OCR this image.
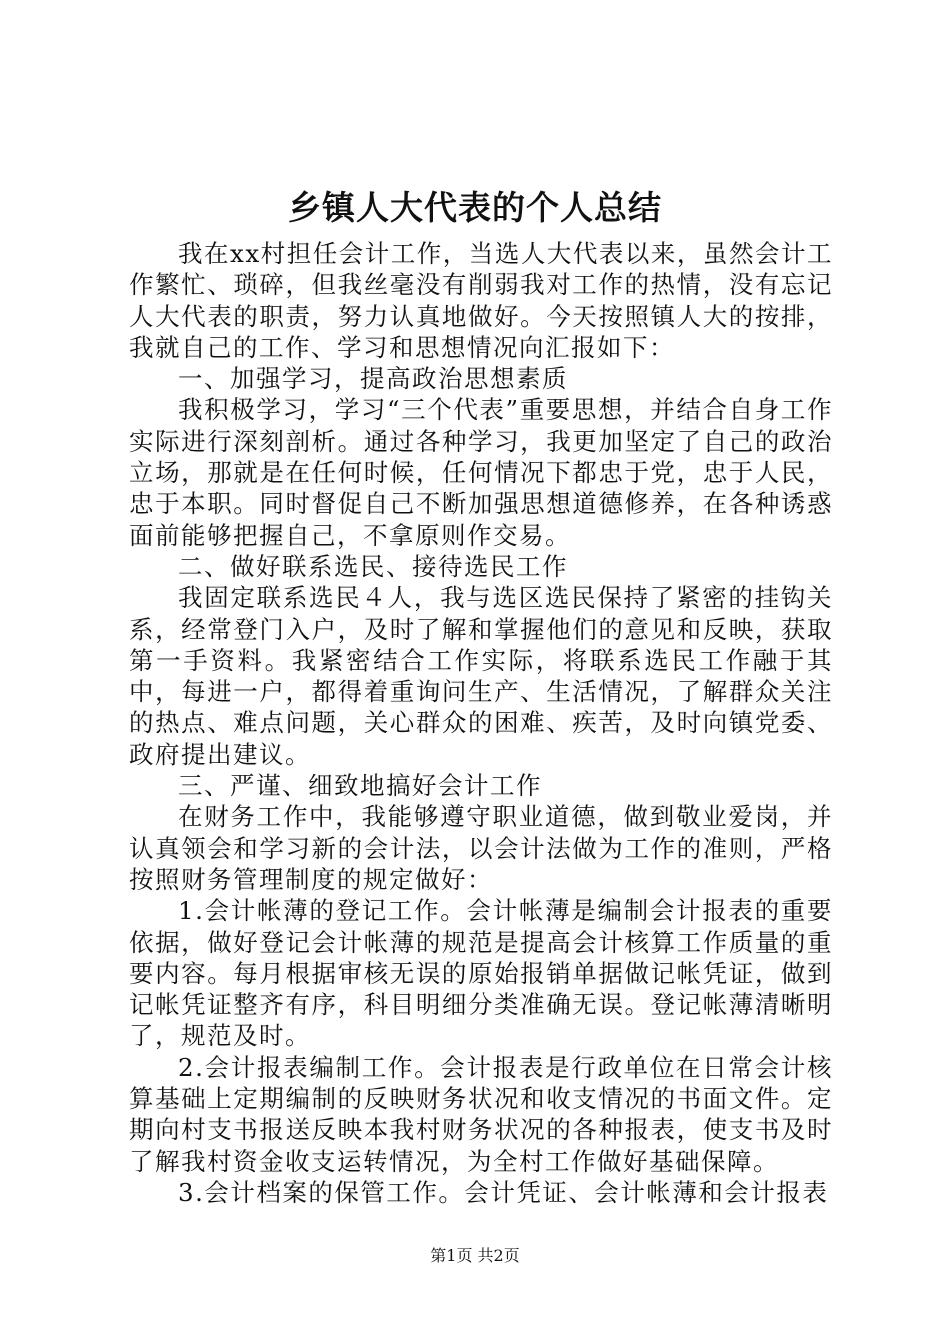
乡镇人大代表的个人总结

我在xx村担任会计工作，当选人大代表以来，虽然会计工作繁忙、琐碎，但我丝毫没有削弱我对工作的热情，没有忘记人大代表的职责，努力认真地做好。今天按照镇人大的按排，我就自己的工作、学习和思想情况向汇报如下：

一、加强学习，提高政治思想素质

我积极学习，学习“三个代表”重要思想，并结合自身工作实际进行深刻剖析。通过各种学习，我更加坚定了自己的政治立场，那就是在任何时候，任何情况下都忠于党，忠于人民，忠于本职。同时督促自己不断加强思想道德修养，在各种诱惑面前能够把握自己，不拿原则作交易。

二、做好联系选民、接待选民工作

我固定联系选民４人，我与选区选民保持了紧密的挂钩关系，经常登门入户，及时了解和掌握他们的意见和反映，获取第一手资料。我紧密结合工作实际，将联系选民工作融于其中，每进一户，都得着重询问生产、生活情况，了解群众关注的热点、难点问题，关心群众的困难、疾苦，及时向镇党委、政府提出建议。

三、严谨、细致地搞好会计工作

在财务工作中，我能够遵守职业道德，做到敬业爱岗，并认真领会和学习新的会计法，以会计法做为工作的准则，严格按照财务管理制度的规定做好：

1.会计帐薄的登记工作。会计帐薄是编制会计报表的重要依据，做好登记会计帐薄的规范是提高会计核算工作质量的重要内容。每月根据审核无误的原始报销单据做记帐凭证，做到记帐凭证整齐有序，科目明细分类准确无误。登记帐薄清晰明了，规范及时。

2.会计报表编制工作。会计报表是行政单位在日常会计核算基础上定期编制的反映财务状况和收支情况的书面文件。定期向村支书报送反映本我村财务状况的各种报表，使支书及时了解我村资金收支运转情况，为全村工作做好基础保障。

3.会计档案的保管工作。会计凭证、会计帐薄和会计报表

第1页 共2页
